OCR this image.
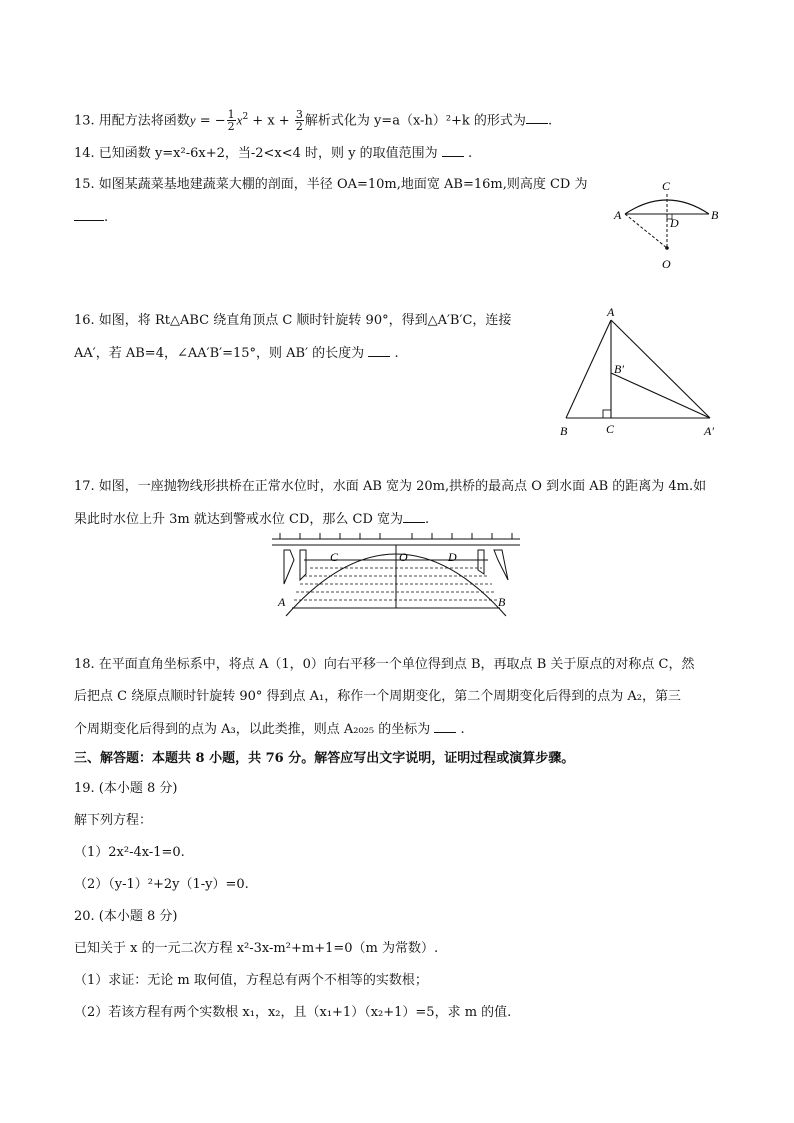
13. 用配方法将函数y = − $\frac{1}{2} x^2 + x + \frac{3}{2}$ 解析式化为 y=a（x-h）²+k 的形式为 .
14. 已知函数 y=x²-6x+2，当-2<x<4 时，则 y 的取值范围为 .
15. 如图某蔬菜基地建蔬菜大棚的剖面，半径 OA=10m,地面宽 AB=16m,则高度 CD 为
.
C
A
D
B
O
16. 如图，将 Rt△ABC 绕直角顶点 C 顺时针旋转 90°，得到△A′B′C，连接
AA′，若 AB=4，∠AA′B′=15°，则 AB′ 的长度为 .
A
B′
B	C	A′
17. 如图，一座抛物线形拱桥在正常水位时，水面 AB 宽为 20m,拱桥的最高点 O 到水面 AB 的距离为 4m.如
果此时水位上升 3m 就达到警戒水位 CD，那么 CD 宽为 .
C	O	D
A	B
18. 在平面直角坐标系中，将点 A（1，0）向右平移一个单位得到点 B，再取点 B 关于原点的对称点 C，然
后把点 C 绕原点顺时针旋转 90° 得到点 A₁，称作一个周期变化，第二个周期变化后得到的点为 A₂，第三
个周期变化后得到的点为 A₃，以此类推，则点 A₂₀₂₅ 的坐标为 .
三、解答题：本题共 8 小题，共 76 分。解答应写出文字说明，证明过程或演算步骤。
19. (本小题 8 分)
解下列方程：
（1）2x²-4x-1=0.
（2）（y-1）²+2y（1-y）=0.
20. (本小题 8 分)
已知关于 x 的一元二次方程 x²-3x-m²+m+1=0（m 为常数）.
（1）求证：无论 m 取何值，方程总有两个不相等的实数根；
（2）若该方程有两个实数根 x₁，x₂，且（x₁+1）（x₂+1）=5，求 m 的值.
